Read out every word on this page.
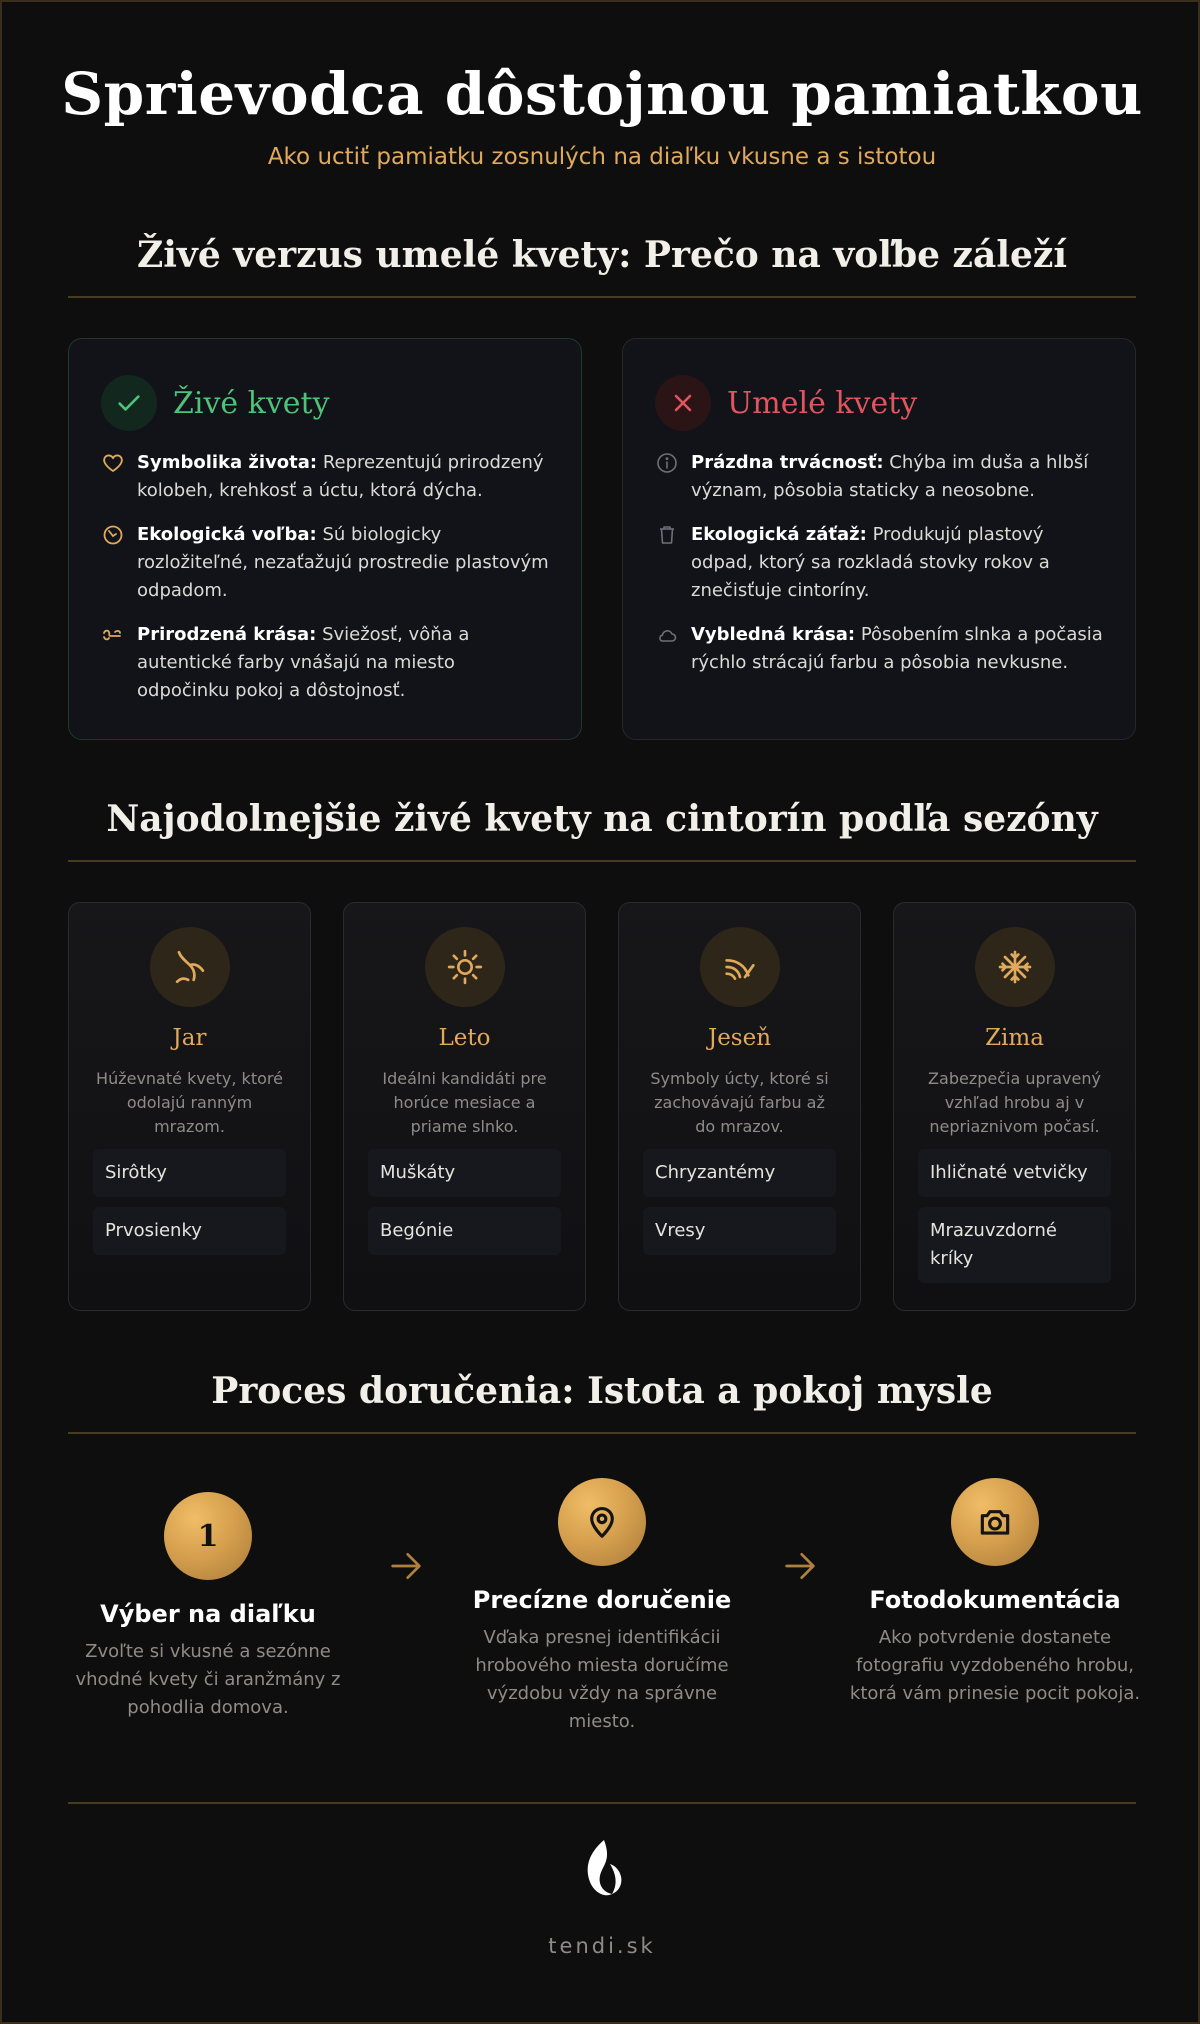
Sprievodca dôstojnou pamiatkou
Ako uctiť pamiatku zosnulých na diaľku vkusne a s istotou
Živé verzus umelé kvety: Prečo na voľbe záleží
Živé kvety
Symbolika života: Reprezentujú prirodzený kolobeh, krehkosť a úctu, ktorá dýcha.
Ekologická voľba: Sú biologicky rozložiteľné, nezaťažujú prostredie plastovým odpadom.
Prirodzená krása: Sviežosť, vôňa a autentické farby vnášajú na miesto odpočinku pokoj a dôstojnosť.
Umelé kvety
Prázdna trvácnosť: Chýba im duša a hlbší význam, pôsobia staticky a neosobne.
Ekologická záťaž: Produkujú plastový odpad, ktorý sa rozkladá stovky rokov a znečisťuje cintoríny.
Vybledná krása: Pôsobením slnka a počasia rýchlo strácajú farbu a pôsobia nevkusne.
Najodolnejšie živé kvety na cintorín podľa sezóny
Jar
Húževnaté kvety, ktoré odolajú ranným mrazom.
Sirôtky
Prvosienky
Leto
Ideálni kandidáti pre horúce mesiace a priame slnko.
Muškáty
Begónie
Jeseň
Symboly úcty, ktoré si zachovávajú farbu až do mrazov.
Chryzantémy
Vresy
Zima
Zabezpečia upravený vzhľad hrobu aj v nepriaznivom počasí.
Ihličnaté vetvičky
Mrazuvzdorné kríky
Proces doručenia: Istota a pokoj mysle
1
Výber na diaľku
Zvoľte si vkusné a sezónne vhodné kvety či aranžmány z pohodlia domova.
Precízne doručenie
Vďaka presnej identifikácii hrobového miesta doručíme výzdobu vždy na správne miesto.
Fotodokumentácia
Ako potvrdenie dostanete fotografiu vyzdobeného hrobu, ktorá vám prinesie pocit pokoja.
tendi.sk
